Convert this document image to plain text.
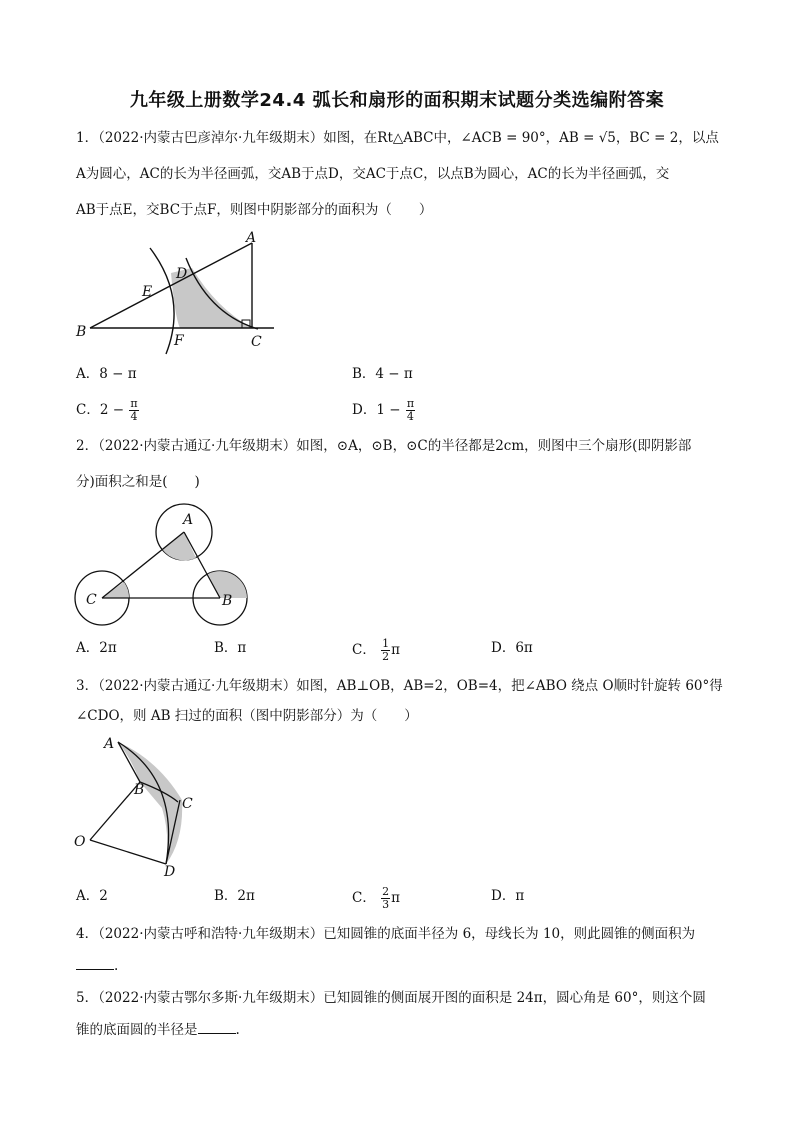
九年级上册数学24.4 弧长和扇形的面积期末试题分类选编附答案
1．（2022·内蒙古巴彦淖尔·九年级期末）如图，在Rt△ABC中，∠ACB = 90°，AB = √5，BC = 2，以点
A为圆心，AC的长为半径画弧，交AB于点D，交AC于点C，以点B为圆心，AC的长为半径画弧，交
AB于点E，交BC于点F，则图中阴影部分的面积为（　　）
A
B
C
D
E
F
A．8 − π	B．4 − π
C．$2 - \frac{\pi}{4}$	D．$1 - \frac{\pi}{4}$
2．（2022·内蒙古通辽·九年级期末）如图，⊙A，⊙B，⊙C的半径都是2cm，则图中三个扇形(即阴影部
分)面积之和是(　　)
A
C	B
A．2π	B．π	C． $\frac{1}{2}$ π	D．6π
3．（2022·内蒙古通辽·九年级期末）如图，AB⊥OB，AB=2，OB=4，把∠ABO 绕点 O顺时针旋转 60°得
∠CDO，则 AB 扫过的面积（图中阴影部分）为（　　）
A
B
C
O
D
A．2	B．2π	C． $\frac{2}{3}$ π	D．π
4．（2022·内蒙古呼和浩特·九年级期末）已知圆锥的底面半径为 6，母线长为 10，则此圆锥的侧面积为
.
5．（2022·内蒙古鄂尔多斯·九年级期末）已知圆锥的侧面展开图的面积是 24π，圆心角是 60°，则这个圆
锥的底面圆的半径是	.
